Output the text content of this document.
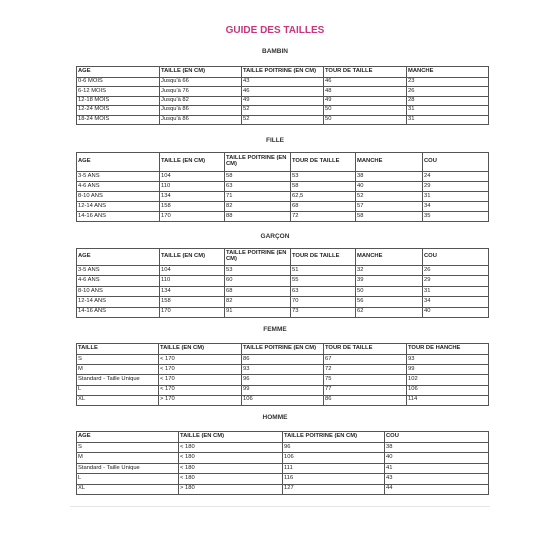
GUIDE DES TAILLES
BAMBIN
AGE	TAILLE (EN CM)	TAILLE POITRINE (EN CM)	TOUR DE TAILLE	MANCHE
0-6 MOIS	Jusqu'à 66	43	46	23
6-12 MOIS	Jusqu'à 76	46	48	26
12-18 MOIS	Jusqu'à 82	49	49	28
12-24 MOIS	Jusqu'à 86	52	50	31
18-24 MOIS	Jusqu'à 86	52	50	31
FILLE
AGE	TAILLE (EN CM)	TAILLE POITRINE (EN CM)	TOUR DE TAILLE	MANCHE	COU
3-5 ANS	104	58	53	38	24
4-6 ANS	110	63	58	40	29
8-10 ANS	134	71	62,5	52	31
12-14 ANS	158	82	68	57	34
14-16 ANS	170	88	72	58	35
GARÇON
AGE	TAILLE (EN CM)	TAILLE POITRINE (EN CM)	TOUR DE TAILLE	MANCHE	COU
3-5 ANS	104	53	51	32	26
4-6 ANS	110	60	55	39	29
8-10 ANS	134	68	63	50	31
12-14 ANS	158	82	70	56	34
14-16 ANS	170	91	73	62	40
FEMME
TAILLE	TAILLE (EN CM)	TAILLE POITRINE (EN CM)	TOUR DE TAILLE	TOUR DE HANCHE
S	< 170	86	67	93
M	< 170	93	72	99
Standard - Taille Unique	< 170	96	75	102
L	< 170	99	77	106
XL	> 170	106	86	114
HOMME
AGE	TAILLE (EN CM)	TAILLE POITRINE (EN CM)	COU
S	< 180	96	38
M	< 180	106	40
Standard - Taille Unique	< 180	111	41
L	< 180	116	43
XL	> 180	127	44
